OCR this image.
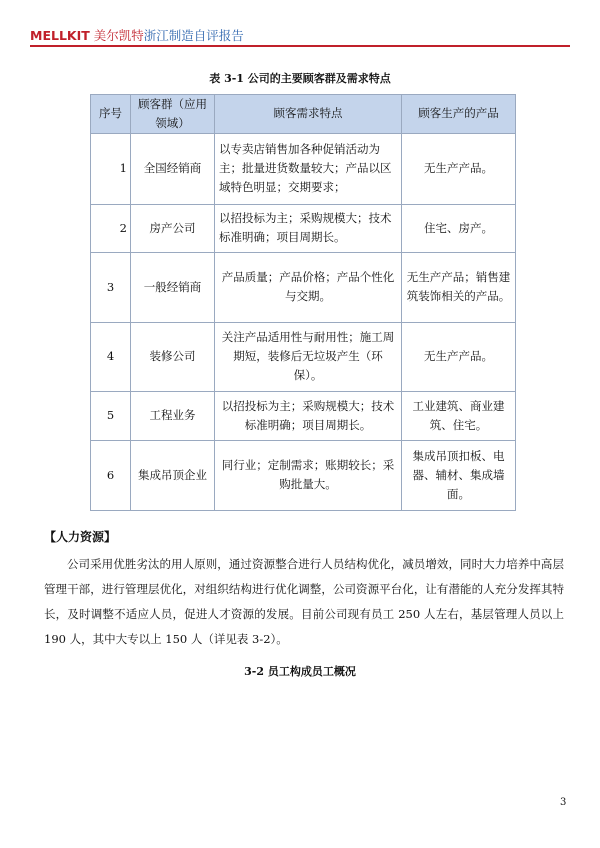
MELLKIT 美尔凯特浙江制造自评报告
表 3-1 公司的主要顾客群及需求特点
序号	顾客群（应用领域）	顾客需求特点	顾客生产的产品
1	全国经销商	以专卖店销售加各种促销活动为主；批量进货数量较大；产品以区域特色明显；交期要求；	无生产产品。
2	房产公司	以招投标为主；采购规模大；技术标准明确；项目周期长。	住宅、房产。
3	一般经销商	产品质量；产品价格；产品个性化与交期。	无生产产品；销售建筑装饰相关的产品。
4	装修公司	关注产品适用性与耐用性；施工周期短，装修后无垃圾产生（环保）。	无生产产品。
5	工程业务	以招投标为主；采购规模大；技术标准明确；项目周期长。	工业建筑、商业建筑、住宅。
6	集成吊顶企业	同行业；定制需求；账期较长；采购批量大。	集成吊顶扣板、电器、辅材、集成墙面。
【人力资源】
公司采用优胜劣汰的用人原则，通过资源整合进行人员结构优化，减员增效，同时大力培养中高层管理干部，进行管理层优化，对组织结构进行优化调整，公司资源平台化，让有潜能的人充分发挥其特长，及时调整不适应人员，促进人才资源的发展。目前公司现有员工 250 人左右，基层管理人员以上 190 人，其中大专以上 150 人（详见表 3-2）。
3-2 员工构成员工概况
3
